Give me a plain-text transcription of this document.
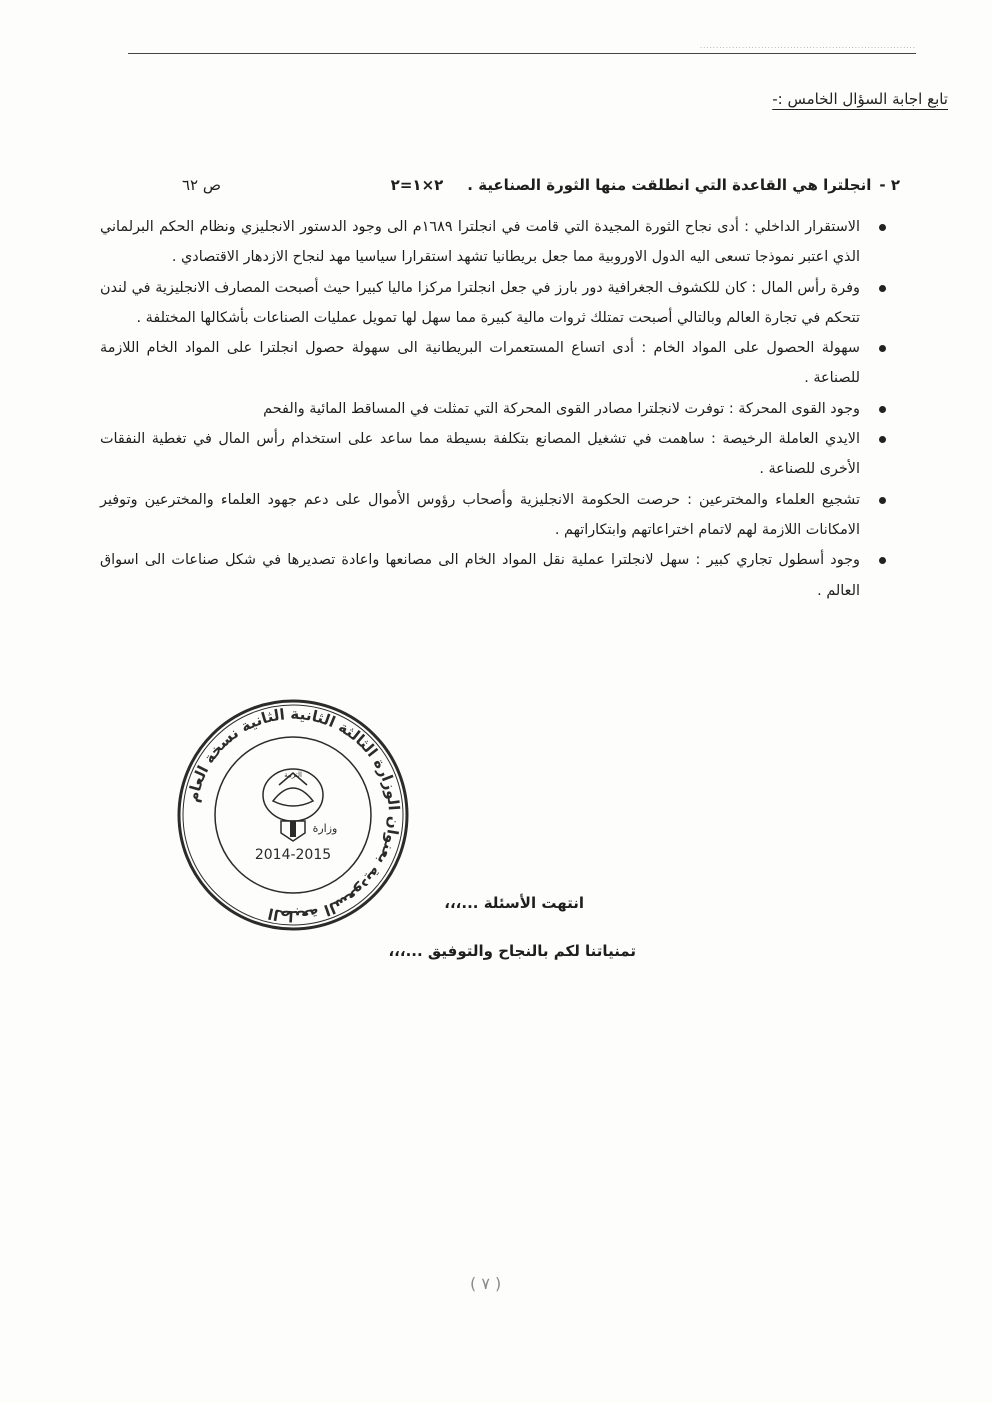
...................................................................
تابع اجابة السؤال الخامس :-
٢ -انجلترا هي القاعدة التي انطلقت منها الثورة الصناعية .٢×١=٢
ص ٦٢
الاستقرار الداخلي : أدى نجاح الثورة المجيدة التي قامت في انجلترا ١٦٨٩م الى وجود الدستور الانجليزي ونظام الحكم البرلماني الذي اعتبر نموذجا تسعى اليه الدول الاوروبية مما جعل بريطانيا تشهد استقرارا سياسيا مهد لنجاح الازدهار الاقتصادي .
وفرة رأس المال : كان للكشوف الجغرافية دور بارز في جعل انجلترا مركزا ماليا كبيرا حيث أصبحت المصارف الانجليزية في لندن تتحكم في تجارة العالم وبالتالي أصبحت تمتلك ثروات مالية كبيرة مما سهل لها تمويل عمليات الصناعات بأشكالها المختلفة .
سهولة الحصول على المواد الخام : أدى اتساع المستعمرات البريطانية الى سهولة حصول انجلترا على المواد الخام اللازمة للصناعة .
وجود القوى المحركة : توفرت لانجلترا مصادر القوى المحركة التي تمثلت في المساقط المائية والفحم
الايدي العاملة الرخيصة : ساهمت في تشغيل المصانع بتكلفة بسيطة مما ساعد على استخدام رأس المال في تغطية النفقات الأخرى للصناعة .
تشجيع العلماء والمخترعين : حرصت الحكومة الانجليزية وأصحاب رؤوس الأموال على دعم جهود العلماء والمخترعين وتوفير الامكانات اللازمة لهم لاتمام اختراعاتهم وابتكاراتهم .
وجود أسطول تجاري كبير : سهل لانجلترا عملية نقل المواد الخام الى مصانعها واعادة تصديرها في شكل صناعات الى اسواق العالم .
الطبعة السعودية بعنوان الوزارة الثالثة الثانية الثانية نسخة العام
وزارة
التربية
2014-2015
انتهت الأسئلة ...،،،
تمنياتنا لكم بالنجاح والتوفيق ...،،،
( ٧ )
